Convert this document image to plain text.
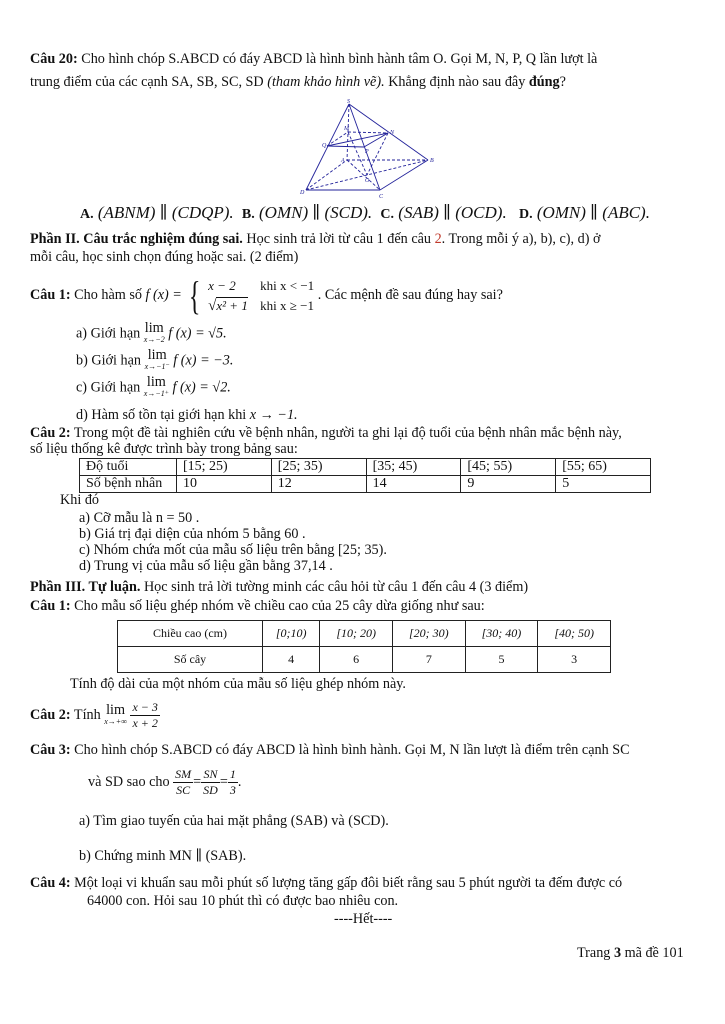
Câu 20: Cho hình chóp S.ABCD có đáy ABCD là hình bình hành tâm O. Gọi M, N, P, Q lần lượt là
trung điểm của các cạnh SA, SB, SC, SD (tham khảo hình vẽ). Khẳng định nào sau đây đúng?
S
M
N
Q
P
O
A	B
C
D
A. (ABNM) ∥ (CDQP). B. (OMN) ∥ (SCD). C. (SAB) ∥ (OCD). D. (OMN) ∥ (ABC).
Phần II. Câu trắc nghiệm đúng sai. Học sinh trả lời từ câu 1 đến câu 2. Trong mỗi ý a), b), c), d) ở
mỗi câu, học sinh chọn đúng hoặc sai. (2 điểm)
Câu 1: Cho hàm số f (x) = { x − 2 khi x < −1
√x² + 1 khi x ≥ −1
. Các mệnh đề sau đúng hay sai?
a) Giới hạn lim
x→−2 f (x) = √5.
b) Giới hạn lim
x→−1⁻ f (x) = −3.
c) Giới hạn lim
x→−1⁺ f (x) = √2.
d) Hàm số tồn tại giới hạn khi x → −1.
Câu 2: Trong một đề tài nghiên cứu về bệnh nhân, người ta ghi lại độ tuổi của bệnh nhân mắc bệnh này,
số liệu thống kê được trình bày trong bảng sau:
Độ tuổi	[15; 25)	[25; 35)	[35; 45)	[45; 55)	[55; 65)
Số bệnh nhân	10	12	14	9	5
Khi đó
a) Cỡ mẫu là n = 50 .
b) Giá trị đại diện của nhóm 5 bằng 60 .
c) Nhóm chứa mốt của mẫu số liệu trên bằng [25; 35).
d) Trung vị của mẫu số liệu gần bằng 37,14 .
Phần III. Tự luận. Học sinh trả lời tường minh các câu hỏi từ câu 1 đến câu 4 (3 điểm)
Câu 1: Cho mẫu số liệu ghép nhóm về chiều cao của 25 cây dừa giống như sau:
Chiều cao (cm)	[0;10)	[10; 20)	[20; 30)	[30; 40)	[40; 50)
Số cây	4	6	7	5	3
Tính độ dài của một nhóm của mẫu số liệu ghép nhóm này.
Câu 2: Tính lim
x→+∞
$\frac{x - 3}{x + 2}$
Câu 3: Cho hình chóp S.ABCD có đáy ABCD là hình bình hành. Gọi M, N lần lượt là điểm trên cạnh SC
và SD sao cho $\frac{SM}{SC} = \frac{SN}{SD} = \frac{1}{3}$ .
a) Tìm giao tuyến của hai mặt phẳng (SAB) và (SCD).
b) Chứng minh MN ∥ (SAB).
Câu 4: Một loại vi khuẩn sau mỗi phút số lượng tăng gấp đôi biết rằng sau 5 phút người ta đếm được có
64000 con. Hỏi sau 10 phút thì có được bao nhiêu con.
----Hết----
Trang 3 mã đề 101
